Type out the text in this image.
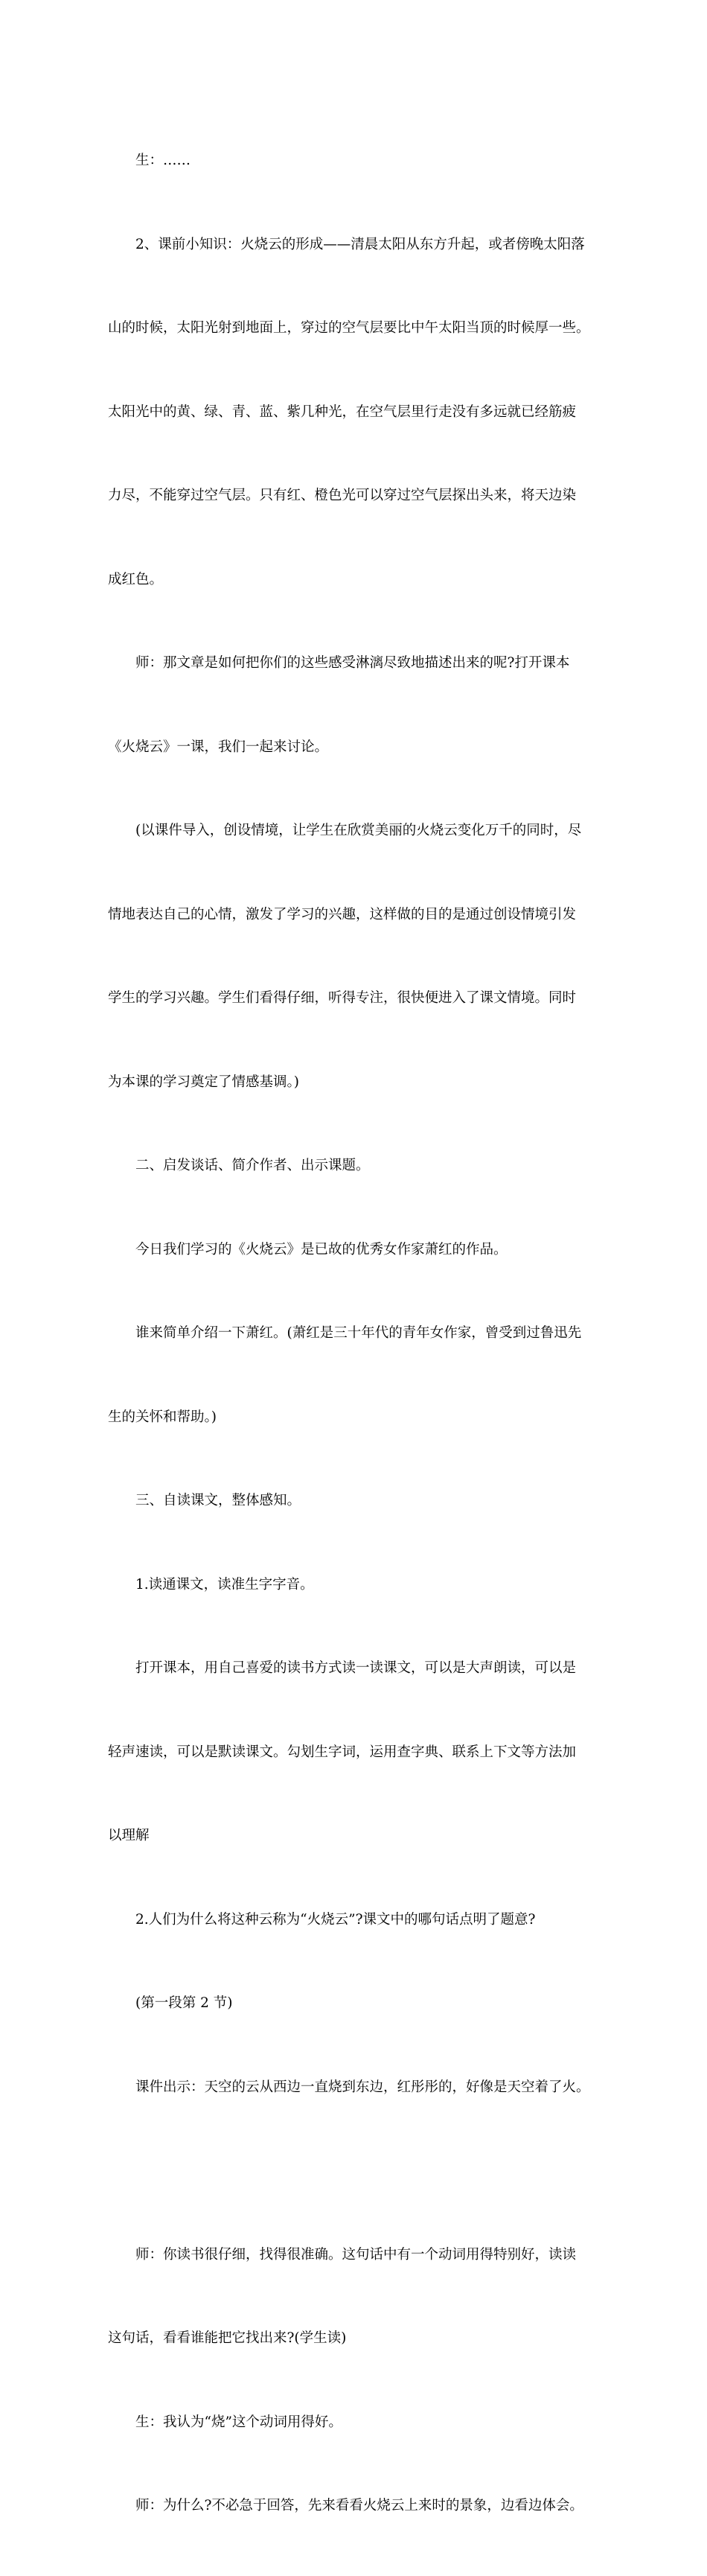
　　生：……

　　2、课前小知识：火烧云的形成——清晨太阳从东方升起，或者傍晚太阳落

山的时候，太阳光射到地面上，穿过的空气层要比中午太阳当顶的时候厚一些。

太阳光中的黄、绿、青、蓝、紫几种光，在空气层里行走没有多远就已经筋疲

力尽，不能穿过空气层。只有红、橙色光可以穿过空气层探出头来，将天边染

成红色。

　　师：那文章是如何把你们的这些感受淋漓尽致地描述出来的呢?打开课本

《火烧云》一课，我们一起来讨论。

　　(以课件导入，创设情境，让学生在欣赏美丽的火烧云变化万千的同时，尽

情地表达自己的心情，激发了学习的兴趣，这样做的目的是通过创设情境引发

学生的学习兴趣。学生们看得仔细，听得专注，很快便进入了课文情境。同时

为本课的学习奠定了情感基调。)

　　二、启发谈话、简介作者、出示课题。

　　今日我们学习的《火烧云》是已故的优秀女作家萧红的作品。

　　谁来简单介绍一下萧红。(萧红是三十年代的青年女作家，曾受到过鲁迅先

生的关怀和帮助。)

　　三、自读课文，整体感知。

　　1.读通课文，读准生字字音。

　　打开课本，用自己喜爱的读书方式读一读课文，可以是大声朗读，可以是

轻声速读，可以是默读课文。勾划生字词，运用查字典、联系上下文等方法加

以理解

　　2.人们为什么将这种云称为“火烧云”?课文中的哪句话点明了题意?

　　(第一段第 2 节)

　　课件出示：天空的云从西边一直烧到东边，红彤彤的，好像是天空着了火。

　　师：你读书很仔细，找得很准确。这句话中有一个动词用得特别好，读读

这句话，看看谁能把它找出来?(学生读)

　　生：我认为“烧”这个动词用得好。

　　师：为什么?不必急于回答，先来看看火烧云上来时的景象，边看边体会。
